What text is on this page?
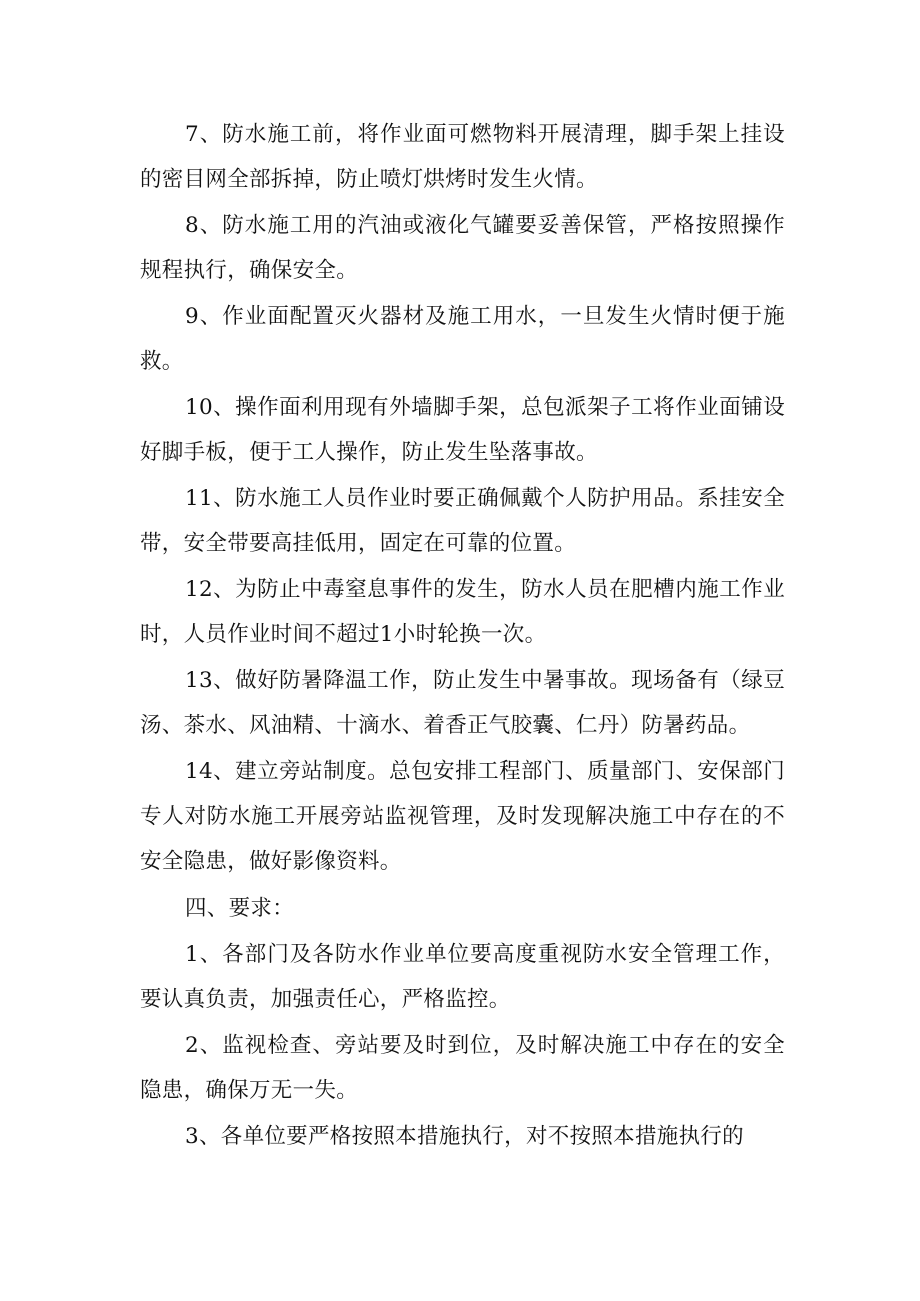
7、防水施工前，将作业面可燃物料开展清理，脚手架上挂设的密目网全部拆掉，防止喷灯烘烤时发生火情。

8、防水施工用的汽油或液化气罐要妥善保管，严格按照操作规程执行，确保安全。

9、作业面配置灭火器材及施工用水，一旦发生火情时便于施救。

10、操作面利用现有外墙脚手架，总包派架子工将作业面铺设好脚手板，便于工人操作，防止发生坠落事故。

11、防水施工人员作业时要正确佩戴个人防护用品。系挂安全带，安全带要高挂低用，固定在可靠的位置。

12、为防止中毒窒息事件的发生，防水人员在肥槽内施工作业时，人员作业时间不超过1小时轮换一次。

13、做好防暑降温工作，防止发生中暑事故。现场备有（绿豆汤、茶水、风油精、十滴水、着香正气胶囊、仁丹）防暑药品。

14、建立旁站制度。总包安排工程部门、质量部门、安保部门专人对防水施工开展旁站监视管理，及时发现解决施工中存在的不安全隐患，做好影像资料。

四、要求：

1、各部门及各防水作业单位要高度重视防水安全管理工作，要认真负责，加强责任心，严格监控。

2、监视检查、旁站要及时到位，及时解决施工中存在的安全隐患，确保万无一失。

3、各单位要严格按照本措施执行，对不按照本措施执行的
